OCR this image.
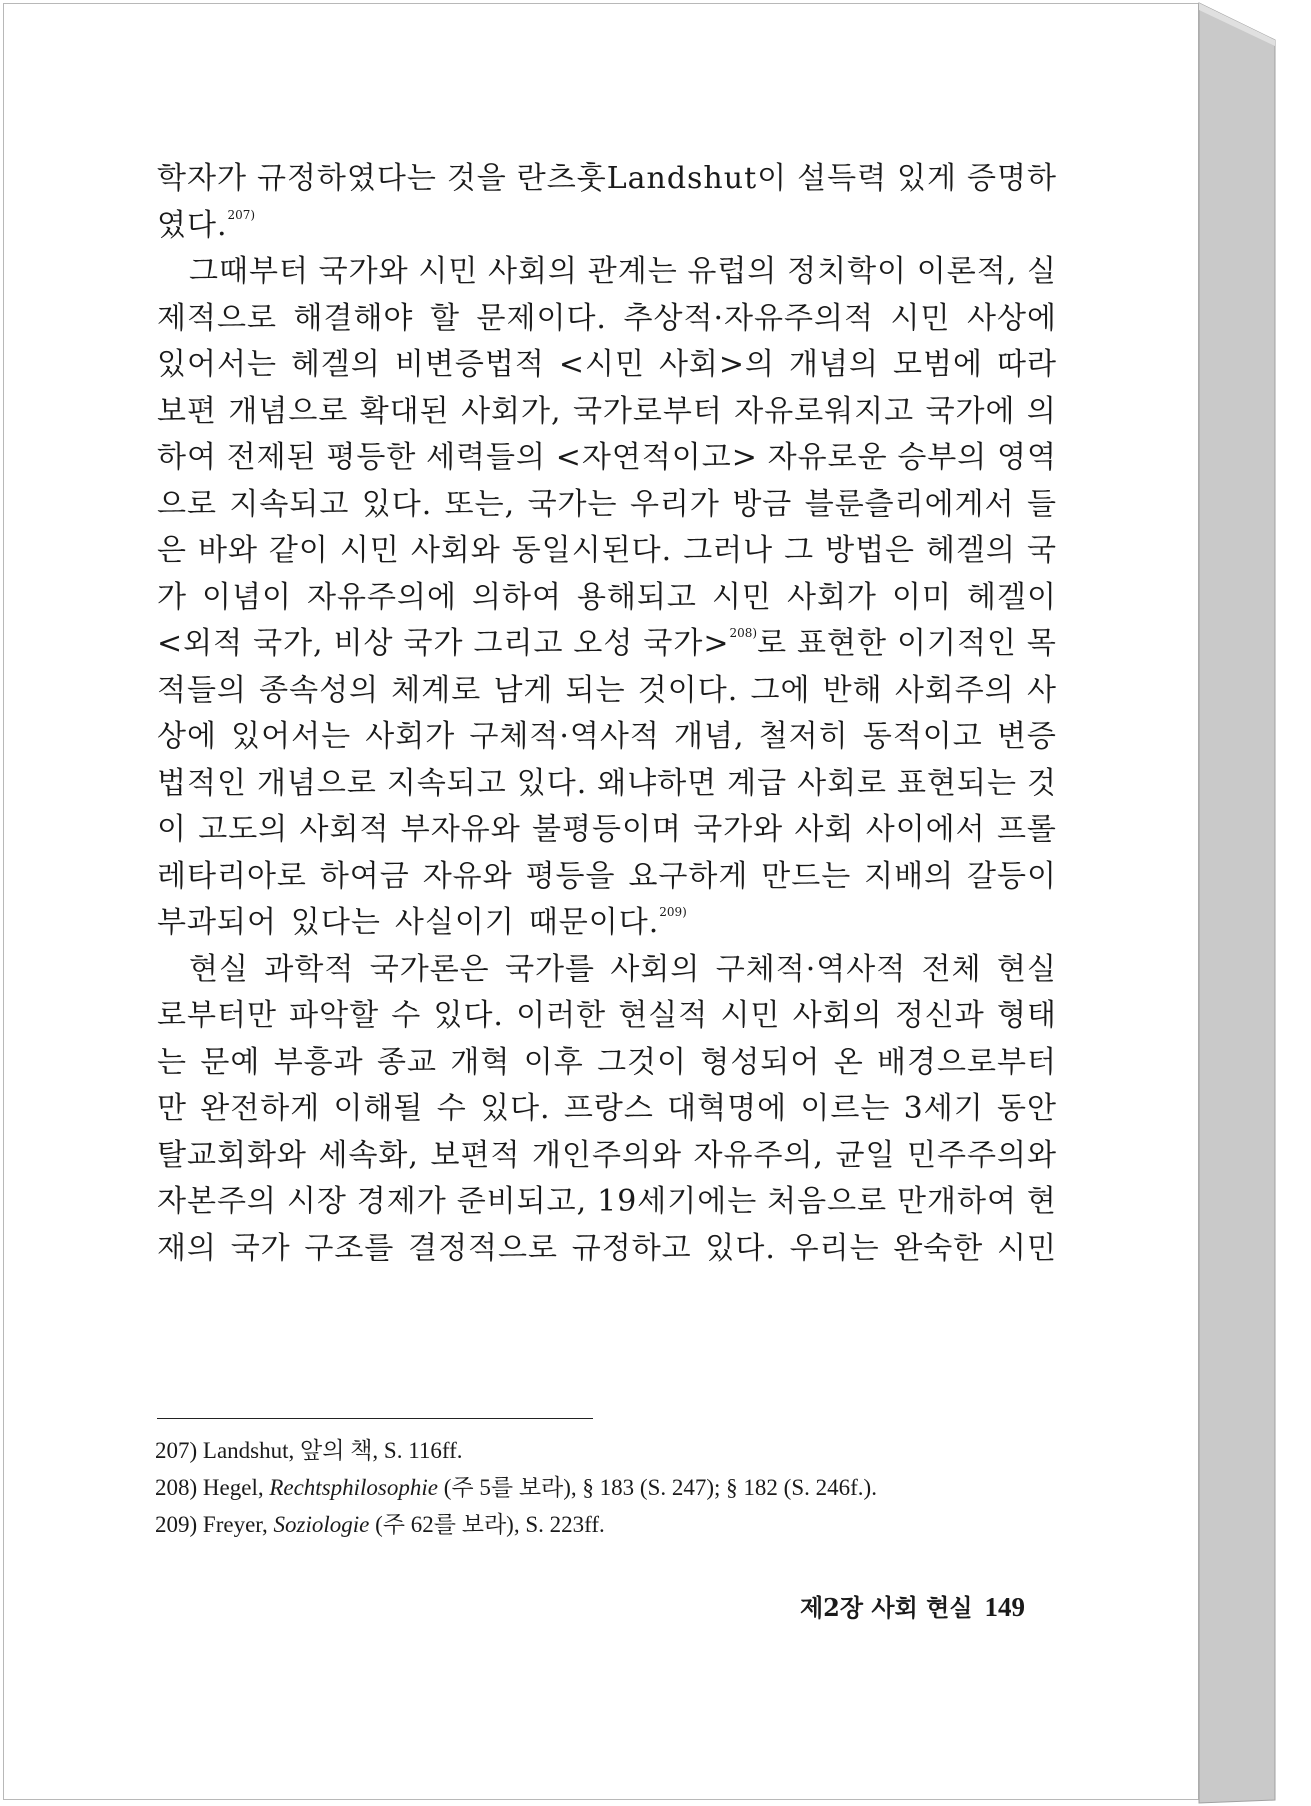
학자가 규정하였다는 것을 란츠훗Landshut이 설득력 있게 증명하
였다.$^{207)}$
그때부터 국가와 시민 사회의 관계는 유럽의 정치학이 이론적, 실
제적으로 해결해야 할 문제이다. 추상적·자유주의적 시민 사상에
있어서는 헤겔의 비변증법적 <시민 사회>의 개념의 모범에 따라
보편 개념으로 확대된 사회가, 국가로부터 자유로워지고 국가에 의
하여 전제된 평등한 세력들의 <자연적이고> 자유로운 승부의 영역
으로 지속되고 있다. 또는, 국가는 우리가 방금 블룬츨리에게서 들
은 바와 같이 시민 사회와 동일시된다. 그러나 그 방법은 헤겔의 국
가 이념이 자유주의에 의하여 용해되고 시민 사회가 이미 헤겔이
<외적 국가, 비상 국가 그리고 오성 국가>$^{208)}$로 표현한 이기적인 목
적들의 종속성의 체계로 남게 되는 것이다. 그에 반해 사회주의 사
상에 있어서는 사회가 구체적·역사적 개념, 철저히 동적이고 변증
법적인 개념으로 지속되고 있다. 왜냐하면 계급 사회로 표현되는 것
이 고도의 사회적 부자유와 불평등이며 국가와 사회 사이에서 프롤
레타리아로 하여금 자유와 평등을 요구하게 만드는 지배의 갈등이
부과되어 있다는 사실이기 때문이다.$^{209)}$
현실 과학적 국가론은 국가를 사회의 구체적·역사적 전체 현실
로부터만 파악할 수 있다. 이러한 현실적 시민 사회의 정신과 형태
는 문예 부흥과 종교 개혁 이후 그것이 형성되어 온 배경으로부터
만 완전하게 이해될 수 있다. 프랑스 대혁명에 이르는 3세기 동안
탈교회화와 세속화, 보편적 개인주의와 자유주의, 균일 민주주의와
자본주의 시장 경제가 준비되고, 19세기에는 처음으로 만개하여 현
재의 국가 구조를 결정적으로 규정하고 있다. 우리는 완숙한 시민
207) Landshut, 앞의 책, S. 116ff.
208) Hegel, Rechtsphilosophie (주 5를 보라), § 183 (S. 247); § 182 (S. 246f.).
209) Freyer, Soziologie (주 62를 보라), S. 223ff.
제2장 사회 현실 149
